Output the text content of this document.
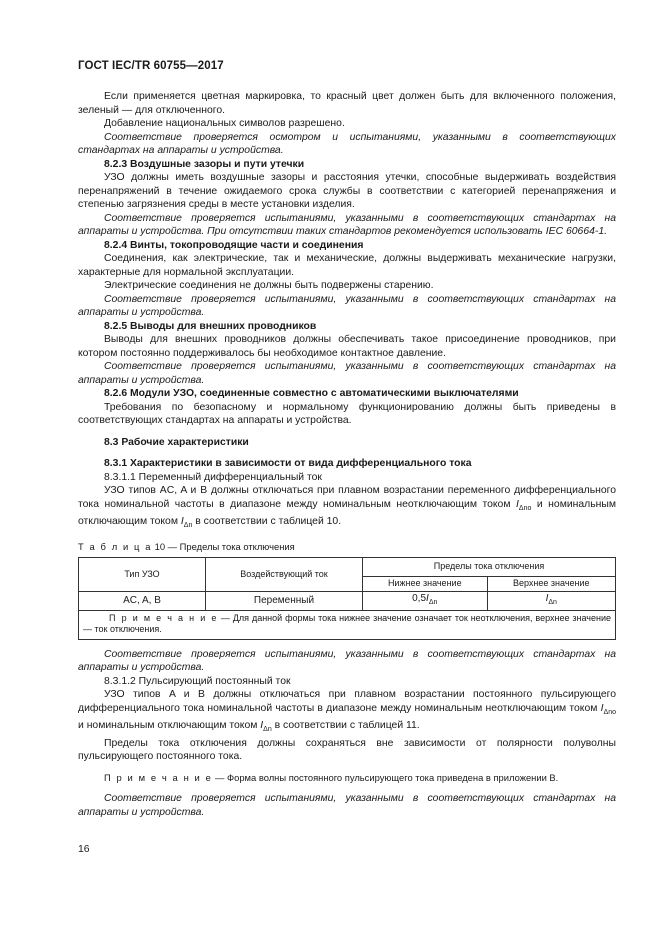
ГОСТ IEC/TR 60755—2017

Если применяется цветная маркировка, то красный цвет должен быть для включенного положения, зеленый — для отключенного.

Добавление национальных символов разрешено.

Соответствие проверяется осмотром и испытаниями, указанными в соответствующих стандартах на аппараты и устройства.

8.2.3 Воздушные зазоры и пути утечки

УЗО должны иметь воздушные зазоры и расстояния утечки, способные выдерживать воздействия перенапряжений в течение ожидаемого срока службы в соответствии с категорией перенапряжения и степенью загрязнения среды в месте установки изделия.

Соответствие проверяется испытаниями, указанными в соответствующих стандартах на аппараты и устройства. При отсутствии таких стандартов рекомендуется использовать IEC 60664-1.

8.2.4 Винты, токопроводящие части и соединения

Соединения, как электрические, так и механические, должны выдерживать механические нагрузки, характерные для нормальной эксплуатации.

Электрические соединения не должны быть подвержены старению.

Соответствие проверяется испытаниями, указанными в соответствующих стандартах на аппараты и устройства.

8.2.5 Выводы для внешних проводников

Выводы для внешних проводников должны обеспечивать такое присоединение проводников, при котором постоянно поддерживалось бы необходимое контактное давление.

Соответствие проверяется испытаниями, указанными в соответствующих стандартах на аппараты и устройства.

8.2.6 Модули УЗО, соединенные совместно с автоматическими выключателями

Требования по безопасному и нормальному функционированию должны быть приведены в соответствующих стандартах на аппараты и устройства.

8.3 Рабочие характеристики

8.3.1 Характеристики в зависимости от вида дифференциального тока

8.3.1.1 Переменный дифференциальный ток

УЗО типов AC, A и B должны отключаться при плавном возрастании переменного дифференциального тока номинальной частоты в диапазоне между номинальным неотключающим током $I_{\Delta no}$ и номинальным отключающим током $I_{\Delta n}$ в соответствии с таблицей 10.

Т а б л и ц а 10 — Пределы тока отключения
Тип УЗО	Воздействующий ток	Пределы тока отключения	
		Нижнее значение	Верхнее значение
AC, A, B	Переменный	$0,5I_{\Delta n}$	$I_{\Delta n}$
П р и м е ч а н и е — Для данной формы тока нижнее значение означает ток неотключения, верхнее значение — ток отключения.			

Соответствие проверяется испытаниями, указанными в соответствующих стандартах на аппараты и устройства.

8.3.1.2 Пульсирующий постоянный ток

УЗО типов A и B должны отключаться при плавном возрастании постоянного пульсирующего дифференциального тока номинальной частоты в диапазоне между номинальным неотключающим током $I_{\Delta no}$ и номинальным отключающим током $I_{\Delta n}$ в соответствии с таблицей 11.

Пределы тока отключения должны сохраняться вне зависимости от полярности полуволны пульсирующего постоянного тока.

П р и м е ч а н и е — Форма волны постоянного пульсирующего тока приведена в приложении B.

Соответствие проверяется испытаниями, указанными в соответствующих стандартах на аппараты и устройства.

16
